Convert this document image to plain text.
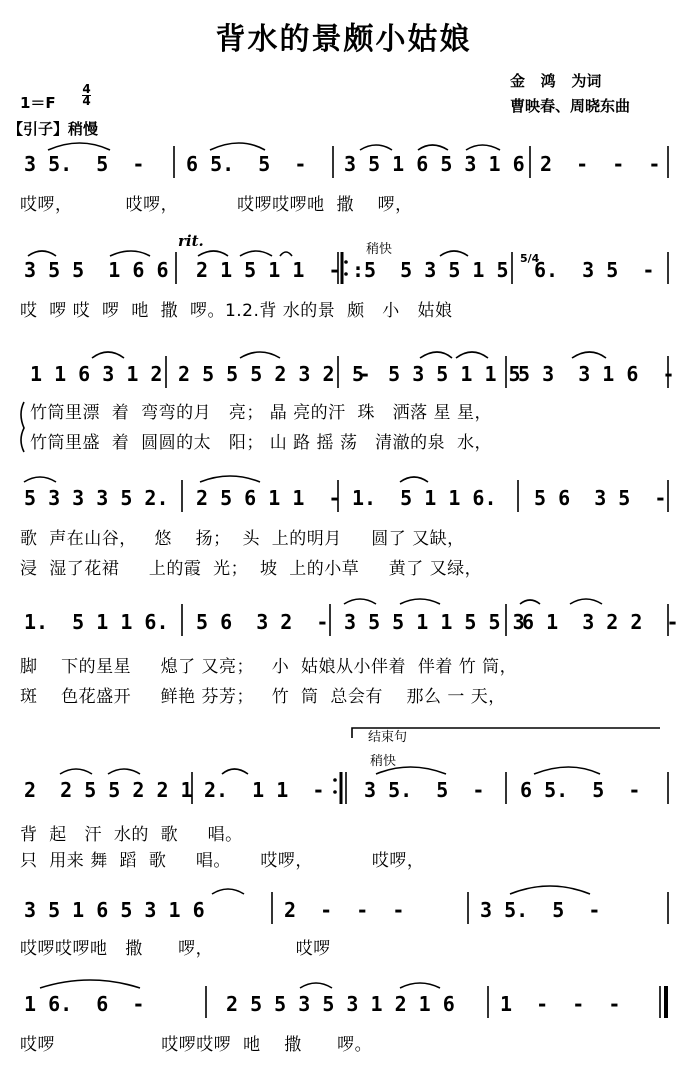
背水的景颇小姑娘
金   鸿   为词
曹映春、周晓东曲
1＝F
4
4
【引子】稍慢
rit.	稍快
5/4
结束句
稍快
3 5.  5  - 6 5.  5  - 3 5 1 6 5 3 1 6 2  -  -  -
哎啰，         哎啰，          哎啰哎啰吔  撒    啰，
3 5 5  1 6 6 2 1 5 1 1  - :5  5 3 5 1 5 6.  3 5  -
哎  啰 哎  啰  吔  撒  啰。1.2.背 水的景  颇   小   姑娘
1 1 6 3 1 2 2 5 5 5 2 3 2  -
5  5 3 5 1 1 5
5 3  3 1 6  -
竹筒里漂  着  弯弯的月   亮； 晶 亮的汗  珠   洒落 星 星，
竹筒里盛  着  圆圆的太   阳； 山 路 摇 荡   清澈的泉  水，
5 3 3 3 5 2. 2 5 6 1 1  - 1.  5 1 1 6. 5 6  3 5  -
歌  声在山谷，   悠    扬；  头  上的明月     圆了 又缺，
浸  湿了花裙     上的霞  光；  坡  上的小草     黄了 又绿，
1.  5 1 1 6. 5 6  3 2  - 3 5 5 1 1 5 5 3
6 1  3 2 2  -
脚    下的星星     熄了 又亮；   小  姑娘从小伴着  伴着 竹 筒，
斑    色花盛开     鲜艳 芬芳；   竹  筒  总会有    那么 一 天，
2  2 5 5 2 2 1 2.  1 1  - 3 5.  5  - 6 5.  5  -
背  起   汗  水的  歌     唱。
只  用来 舞  蹈  歌     唱。     哎啰，          哎啰，
3 5 1 6 5 3 1 6	2  -  -  -	3 5.  5  -
哎啰哎啰吔   撒      啰，              哎啰
1 6.  6  -	2 5 5 3 5 3 1 2 1 6 1  -  -  -
哎啰                  哎啰哎啰  吔    撒      啰。
